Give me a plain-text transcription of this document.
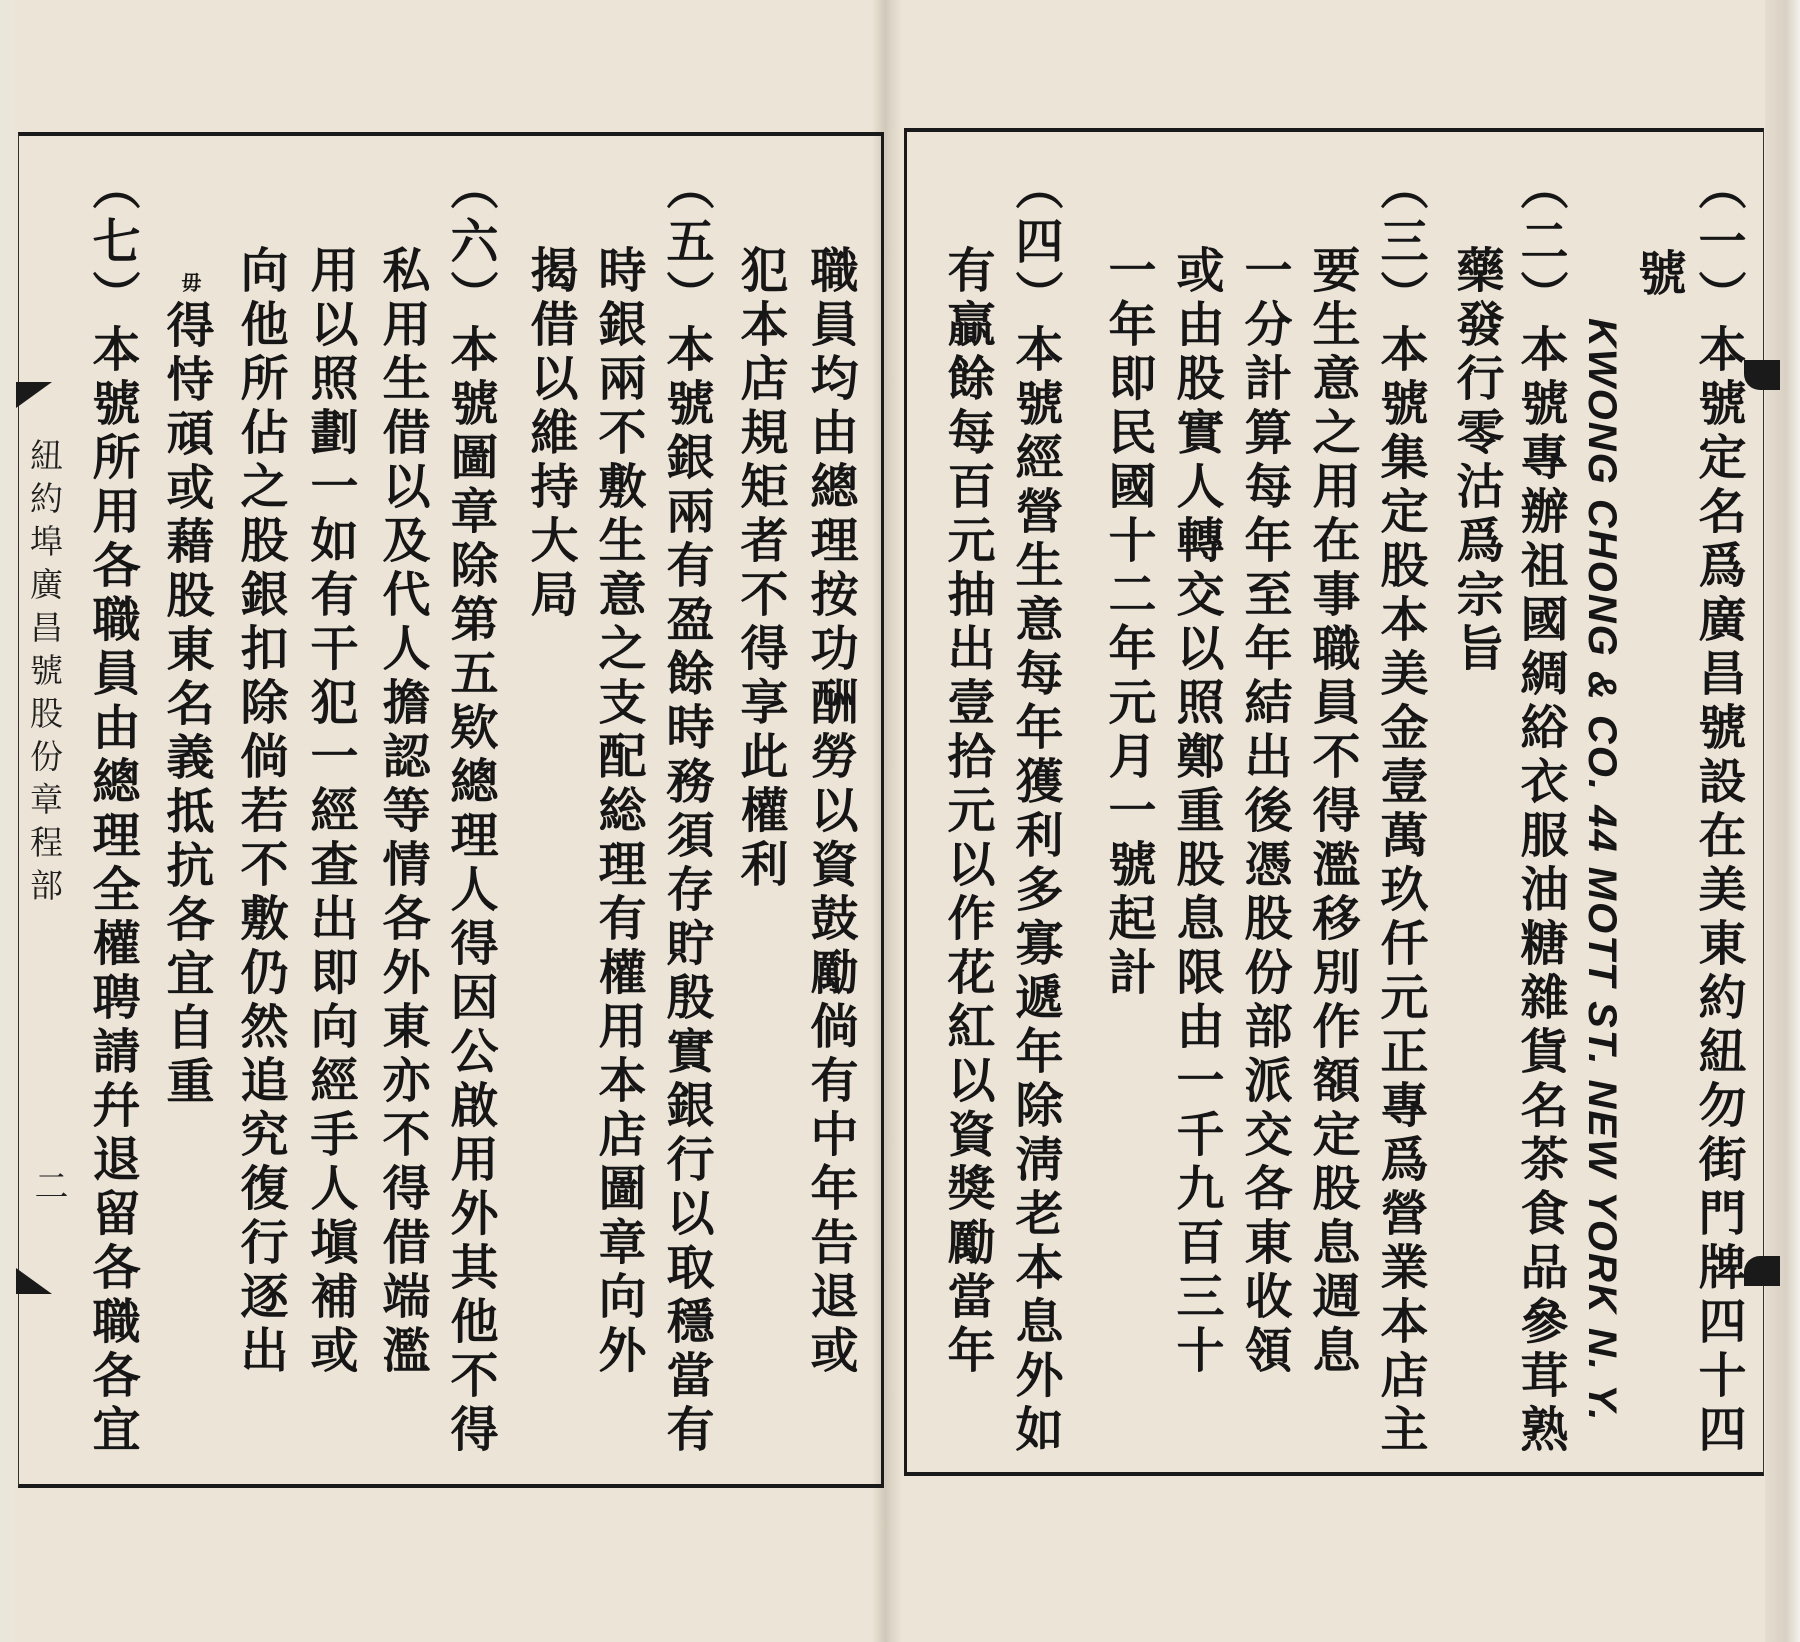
紐約埠廣昌號股份章程部
二	（一）本號定名爲廣昌號設在美東約紐勿街門牌四十四
號
KWONG CHONG & CO. 44 MOTT ST. NEW YORK N. Y.
（二）本號專辦祖國綢綌衣服油糖雜貨名茶食品參茸熟
藥發行零沽爲宗旨
（三）本號集定股本美金壹萬玖仟元正專爲營業本店主
要生意之用在事職員不得濫移別作額定股息週息
一分計算每年至年結出後憑股份部派交各東收領
或由股實人轉交以照鄭重股息限由一千九百三十
一年即民國十二年元月一號起計
（四）本號經營生意每年獲利多寡遞年除淸老本息外如
有贏餘每百元抽出壹拾元以作花紅以資獎勵當年
職員均由總理按功酬勞以資鼓勵倘有中年告退或
犯本店規矩者不得享此權利
（五）本號銀兩有盈餘時務須存貯殷實銀行以取穩當有
時銀兩不敷生意之支配総理有權用本店圖章向外
揭借以維持大局
（六）本號圖章除第五欵總理人得因公啟用外其他不得
私用生借以及代人擔認等情各外東亦不得借端濫
用以照劃一如有干犯一經查出即向經手人塡補或
向他所佔之股銀扣除倘若不敷仍然追究復行逐出
毋
得恃頑或藉股東名義抵抗各宜自重
（七）本號所用各職員由總理全權聘請幷退留各職各宜
